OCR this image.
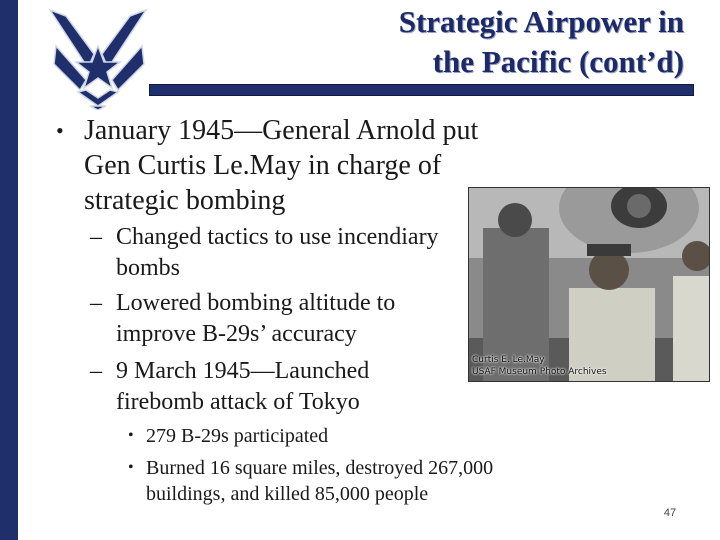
Strategic Airpower in
the Pacific (cont’d)
• January 1945—General Arnold put Gen Curtis Le.May in charge of strategic bombing
– Changed tactics to use incendiary bombs
– Lowered bombing altitude to improve B-29s’ accuracy
– 9 March 1945—Launched firebomb attack of Tokyo
• 279 B-29s participated
• Burned 16 square miles, destroyed 267,000 buildings, and killed 85,000 people
Curtis E. Le.May
USAF Museum Photo Archives
47
